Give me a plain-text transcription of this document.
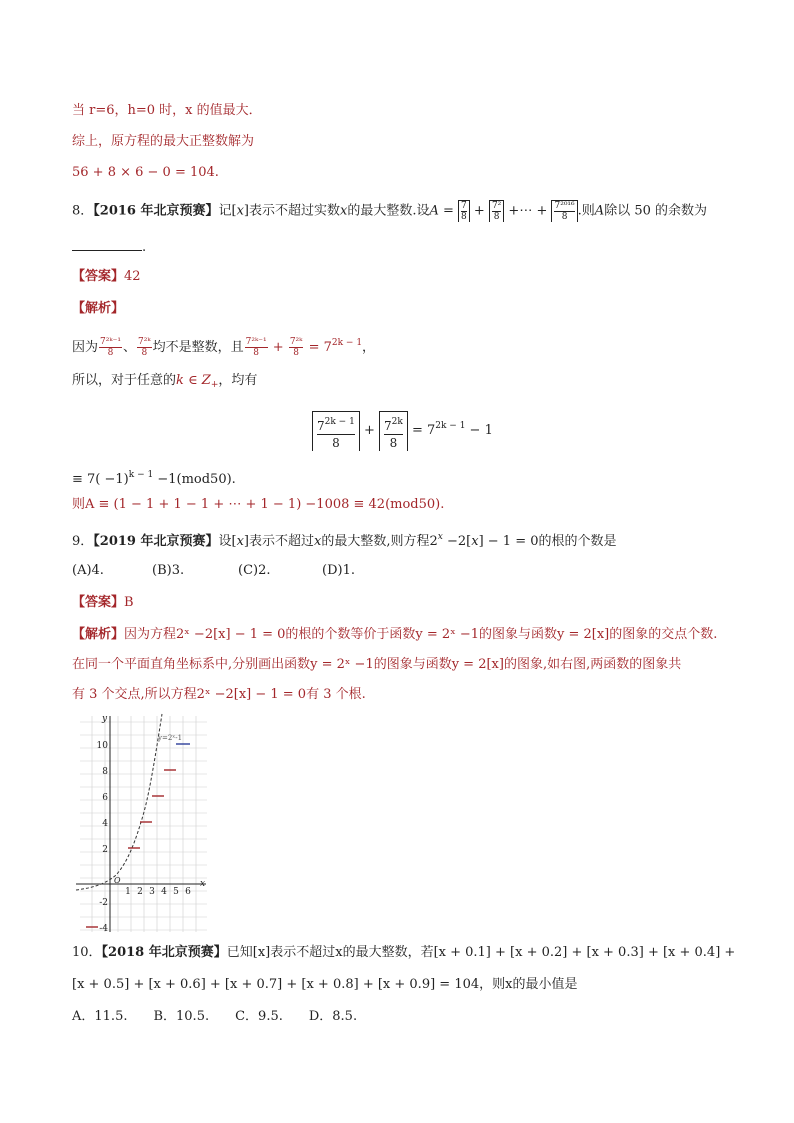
当 r=6，h=0 时，x 的值最大．
综上，原方程的最大正整数解为
56 + 8 × 6 − 0 = 104.
8．【2016 年北京预赛】记[x]表示不超过实数x的最大整数.设$A = \frac{7}{8} + \frac{\text{7²}}{8}$ +⋯ + $\frac{\text{7²⁰¹⁶}}{8}$.则A除以 50 的余数为
.
【答案】42
【解析】
因为 $\frac{\text{7²ᵏ⁻¹}}{8}$ 、 $\frac{\text{7²ᵏ}}{8}$ 均不是整数，且 $\frac{\text{7²ᵏ⁻¹}}{8} + \frac{\text{7²ᵏ}}{8} = 7^{2k - 1}$，
所以，对于任意的k ∈ $Z_+$，均有
$\frac{7^{2k - 1}}{8} + \frac{7^{2k}}{8} = 7^{2k - 1} - 1$
≡ $7( -1)^{k - 1} -1(mod50)$.
则A ≡ (1 − 1 + 1 − 1 + ⋯ + 1 − 1) −1008 ≡ 42(mod50).
9．【2019 年北京预赛】设[x]表示不超过x的最大整数,则方程$2^x -2[x] - 1 = 0$的根的个数是
(A)4.	(B)3.	(C)2.	(D)1.
【答案】B
【解析】因为方程2ˣ −2[x] − 1 = 0的根的个数等价于函数y = 2ˣ −1的图象与函数y = 2[x]的图象的交点个数.
在同一个平面直角坐标系中,分别画出函数y = 2ˣ −1的图象与函数y = 2[x]的图象,如右图,两函数的图象共
有 3 个交点,所以方程2ˣ −2[x] − 1 = 0有 3 个根.
y
x
O
10
8
6
4
2
-2
-4
1 2 3 4 5 6
y=2ˣ-1
10．【2018 年北京预赛】已知[x]表示不超过x的最大整数，若[x + 0.1] + [x + 0.2] + [x + 0.3] + [x + 0.4] +
[x + 0.5] + [x + 0.6] + [x + 0.7] + [x + 0.8] + [x + 0.9] = 104，则x的最小值是
A．11.5.　　B．10.5.　　C．9.5.　　D．8.5.
